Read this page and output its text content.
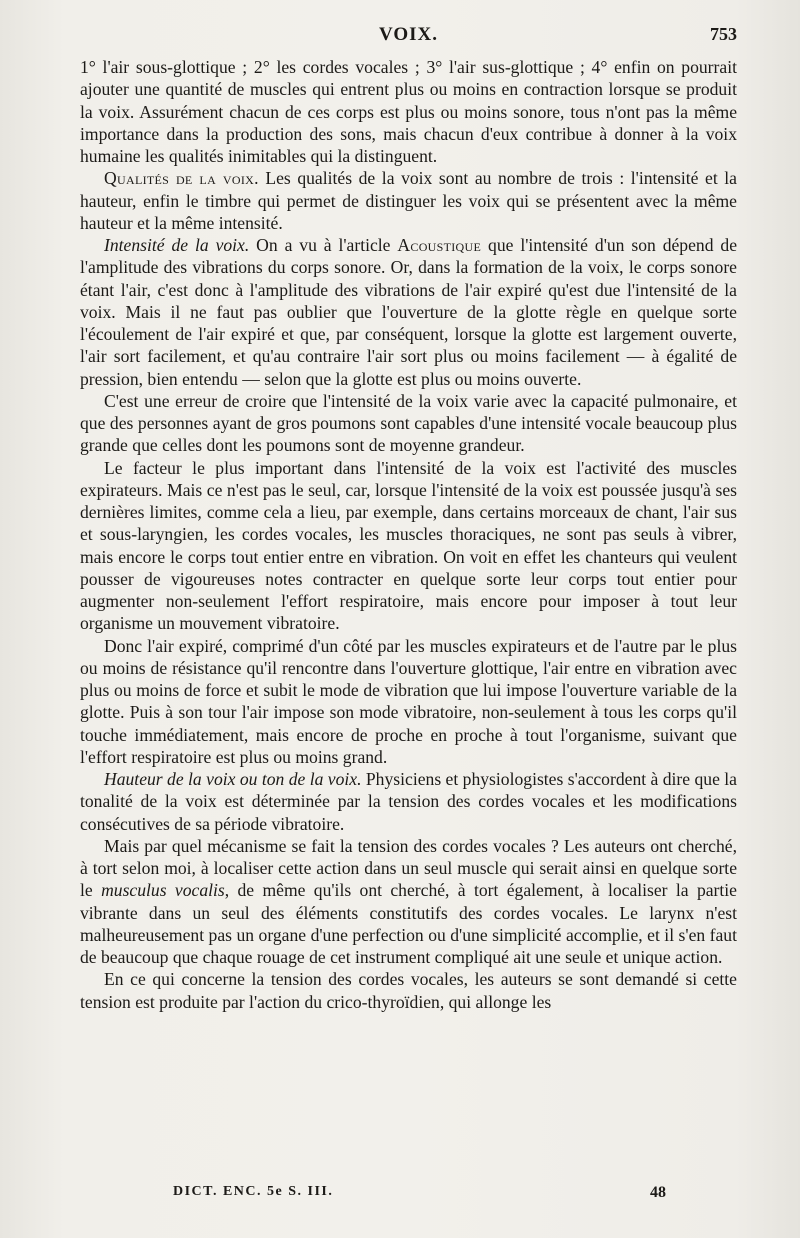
VOIX.	753

1° l'air sous-glottique ; 2° les cordes vocales ; 3° l'air sus-glottique ; 4° enfin on pourrait ajouter une quantité de muscles qui entrent plus ou moins en contraction lorsque se produit la voix. Assurément chacun de ces corps est plus ou moins sonore, tous n'ont pas la même importance dans la production des sons, mais chacun d'eux contribue à donner à la voix humaine les qualités inimitables qui la distinguent.

Qualités de la voix. Les qualités de la voix sont au nombre de trois : l'intensité et la hauteur, enfin le timbre qui permet de distinguer les voix qui se présentent avec la même hauteur et la même intensité.

Intensité de la voix. On a vu à l'article Acoustique que l'intensité d'un son dépend de l'amplitude des vibrations du corps sonore. Or, dans la formation de la voix, le corps sonore étant l'air, c'est donc à l'amplitude des vibrations de l'air expiré qu'est due l'intensité de la voix. Mais il ne faut pas oublier que l'ouverture de la glotte règle en quelque sorte l'écoulement de l'air expiré et que, par conséquent, lorsque la glotte est largement ouverte, l'air sort facilement, et qu'au contraire l'air sort plus ou moins facilement — à égalité de pression, bien entendu — selon que la glotte est plus ou moins ouverte.

C'est une erreur de croire que l'intensité de la voix varie avec la capacité pulmonaire, et que des personnes ayant de gros poumons sont capables d'une intensité vocale beaucoup plus grande que celles dont les poumons sont de moyenne grandeur.

Le facteur le plus important dans l'intensité de la voix est l'activité des muscles expirateurs. Mais ce n'est pas le seul, car, lorsque l'intensité de la voix est poussée jusqu'à ses dernières limites, comme cela a lieu, par exemple, dans certains morceaux de chant, l'air sus et sous-laryngien, les cordes vocales, les muscles thoraciques, ne sont pas seuls à vibrer, mais encore le corps tout entier entre en vibration. On voit en effet les chanteurs qui veulent pousser de vigoureuses notes contracter en quelque sorte leur corps tout entier pour augmenter non-seulement l'effort respiratoire, mais encore pour imposer à tout leur organisme un mouvement vibratoire.

Donc l'air expiré, comprimé d'un côté par les muscles expirateurs et de l'autre par le plus ou moins de résistance qu'il rencontre dans l'ouverture glottique, l'air entre en vibration avec plus ou moins de force et subit le mode de vibration que lui impose l'ouverture variable de la glotte. Puis à son tour l'air impose son mode vibratoire, non-seulement à tous les corps qu'il touche immédiatement, mais encore de proche en proche à tout l'organisme, suivant que l'effort respiratoire est plus ou moins grand.

Hauteur de la voix ou ton de la voix. Physiciens et physiologistes s'accordent à dire que la tonalité de la voix est déterminée par la tension des cordes vocales et les modifications consécutives de sa période vibratoire.

Mais par quel mécanisme se fait la tension des cordes vocales ? Les auteurs ont cherché, à tort selon moi, à localiser cette action dans un seul muscle qui serait ainsi en quelque sorte le musculus vocalis, de même qu'ils ont cherché, à tort également, à localiser la partie vibrante dans un seul des éléments constitutifs des cordes vocales. Le larynx n'est malheureusement pas un organe d'une perfection ou d'une simplicité accomplie, et il s'en faut de beaucoup que chaque rouage de cet instrument compliqué ait une seule et unique action.

En ce qui concerne la tension des cordes vocales, les auteurs se sont demandé si cette tension est produite par l'action du crico-thyroïdien, qui allonge les

DICT. ENC. 5e S. III.	48
